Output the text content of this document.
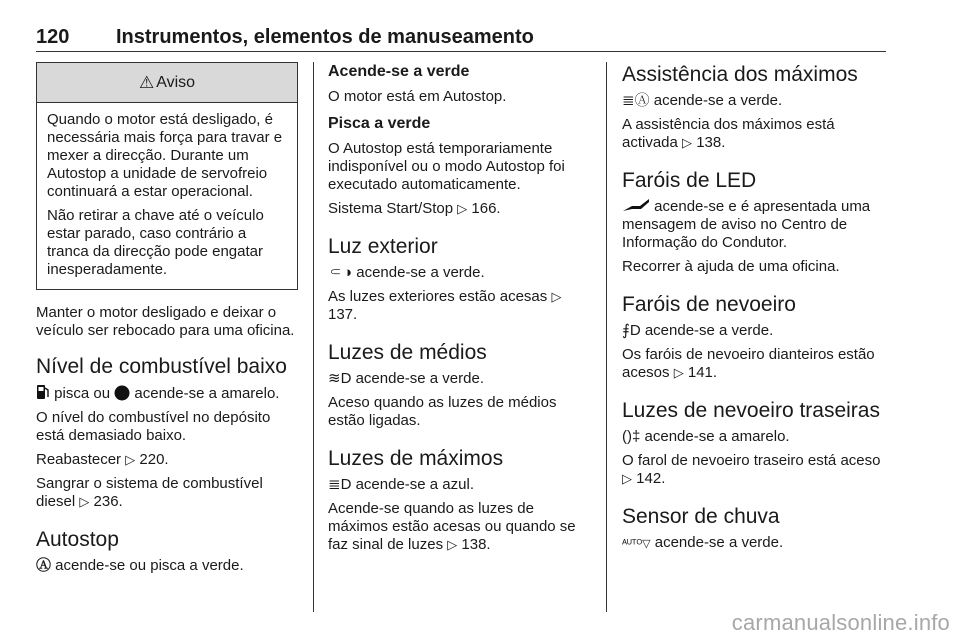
120 Instrumentos, elementos de manuseamento
⚠ Aviso

Quando o motor está desligado, é necessária mais força para travar e mexer a direcção. Durante um Autostop a unidade de servofreio continuará a estar operacional.

Não retirar a chave até o veículo estar parado, caso contrário a tranca da direcção pode engatar inesperadamente.

Manter o motor desligado e deixar o veículo ser rebocado para uma oficina.

Nível de combustível baixo

pisca ou  acende-se a amarelo.

O nível do combustível no depósito está demasiado baixo.

Reabastecer ▷ 220.

Sangrar o sistema de combustível diesel ▷ 236.

Autostop

Ⓐ acende-se ou pisca a verde.

Acende-se a verde

O motor está em Autostop.

Pisca a verde

O Autostop está temporariamente indisponível ou o modo Autostop foi executado automaticamente.

Sistema Start/Stop ▷ 166.

Luz exterior

⸦◑ acende-se a verde.

As luzes exteriores estão acesas ▷ 137.

Luzes de médios

≋D acende-se a verde.

Aceso quando as luzes de médios estão ligadas.

Luzes de máximos

≣D acende-se a azul.

Acende-se quando as luzes de máximos estão acesas ou quando se faz sinal de luzes ▷ 138.

Assistência dos máximos

≣Ⓐ acende-se a verde.

A assistência dos máximos está activada ▷ 138.

Faróis de LED

acende-se e é apresentada uma mensagem de aviso no Centro de Informação do Condutor.

Recorrer à ajuda de uma oficina.

Faróis de nevoeiro

⨎D acende-se a verde.

Os faróis de nevoeiro dianteiros estão acesos ▷ 141.

Luzes de nevoeiro traseiras

()‡ acende-se a amarelo.

O farol de nevoeiro traseiro está aceso ▷ 142.

Sensor de chuva

ᴬᵁᵀᴼ▽ acende-se a verde.

carmanualsonline.info
